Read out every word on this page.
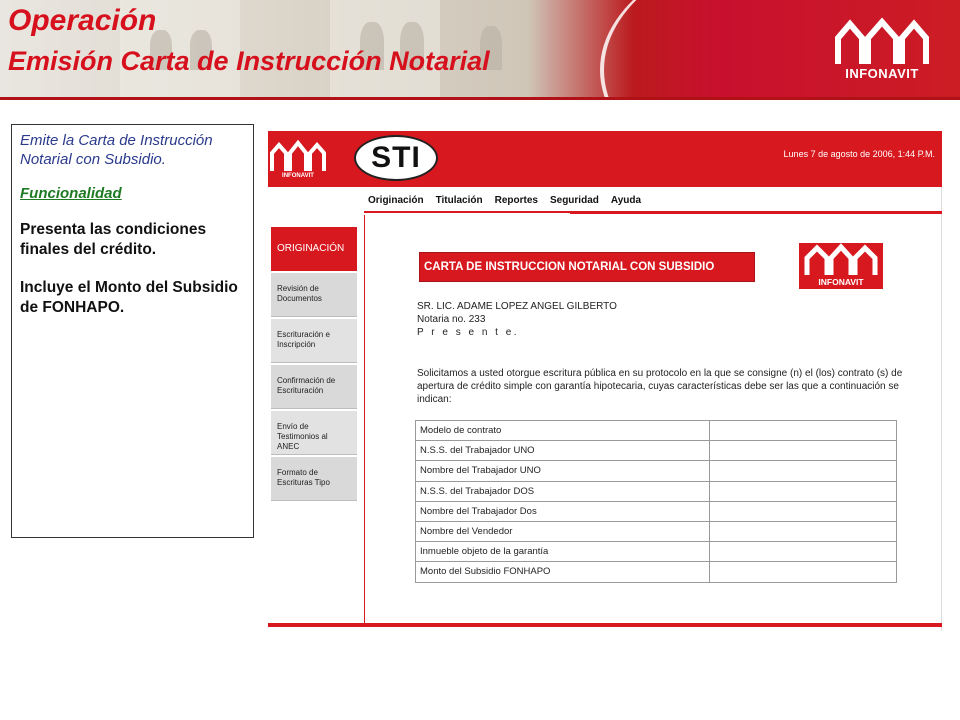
Operación
Emisión Carta de Instrucción Notarial	INFONAVIT
Emite la Carta de Instrucción Notarial con Subsidio.
Funcionalidad
Presenta las condiciones finales del crédito.
Incluye el Monto del Subsidio de FONHAPO.
INFONAVIT
STI	Lunes 7 de agosto de 2006, 1:44 P.M.
Originación Titulación Reportes Seguridad Ayuda
ORIGINACIÓN
Revisión de Documentos
Escrituración e Inscripción
Confirmación de Escrituración
Envío de Testimonios al ANEC
Formato de Escrituras Tipo
CARTA DE INSTRUCCION NOTARIAL CON SUBSIDIO
INFONAVIT
SR. LIC. ADAME LOPEZ ANGEL GILBERTO
Notaria no. 233
P r e s e n t e.
Solicitamos a usted otorgue escritura pública en su protocolo en la que se consigne (n) el (los) contrato (s) de apertura de crédito simple con garantía hipotecaria, cuyas características debe ser las que a continuación se indican:
Modelo de contrato	
N.S.S. del Trabajador UNO	
Nombre del Trabajador UNO	
N.S.S. del Trabajador DOS	
Nombre del Trabajador Dos	
Nombre del Vendedor	
Inmueble objeto de la garantía	
Monto del Subsidio FONHAPO	
